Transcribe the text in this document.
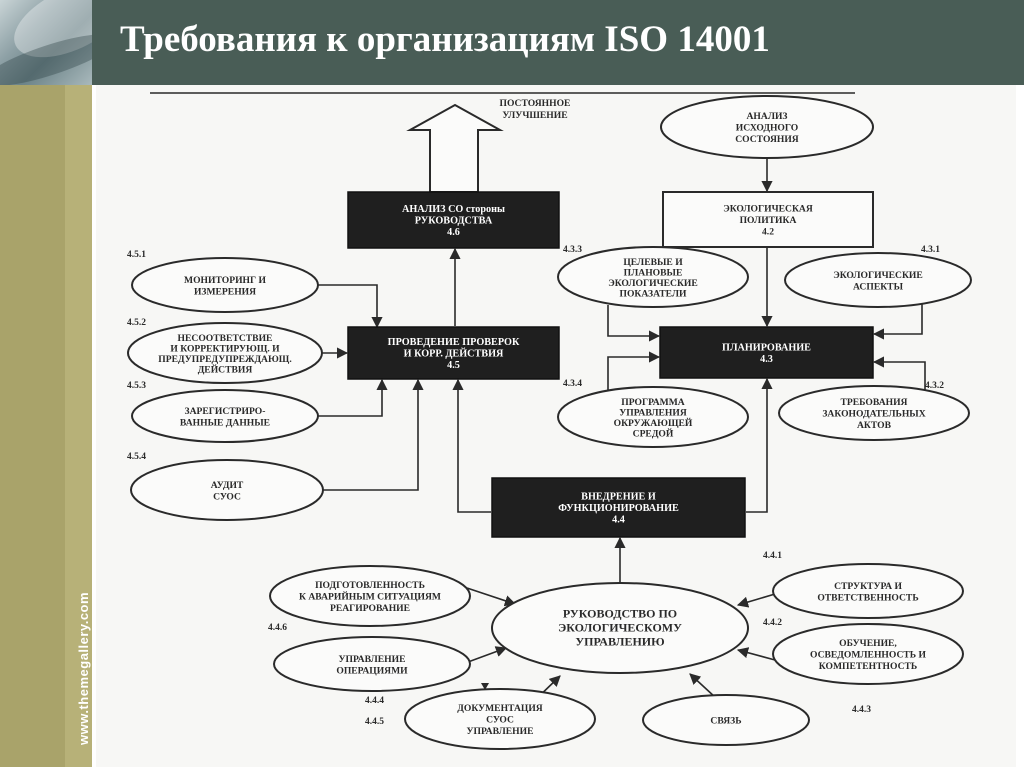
Требования к организациям ISO 14001
www.themegallery.com
АНАЛИЗ СО стороны
РУКОВОДСТВА
4.6
ПРОВЕДЕНИЕ ПРОВЕРОК
И КОРР. ДЕЙСТВИЯ
4.5
ПЛАНИРОВАНИЕ
4.3
ВНЕДРЕНИЕ И
ФУНКЦИОНИРОВАНИЕ
4.4
ЭКОЛОГИЧЕСКАЯ
ПОЛИТИКА
4.2
АНАЛИЗ
ИСХОДНОГО
СОСТОЯНИЯ
МОНИТОРИНГ И
ИЗМЕРЕНИЯ
НЕСООТВЕТСТВИЕ
И КОРРЕКТИРУЮЩ. И
ПРЕДУПРЕДУПРЕЖДАЮЩ.
ДЕЙСТВИЯ
ЗАРЕГИСТРИРО-
ВАННЫЕ ДАННЫЕ
АУДИТ
СУОС
ЦЕЛЕВЫЕ И
ПЛАНОВЫЕ
ЭКОЛОГИЧЕСКИЕ
ПОКАЗАТЕЛИ
ЭКОЛОГИЧЕСКИЕ
АСПЕКТЫ
ПРОГРАММА
УПРАВЛЕНИЯ
ОКРУЖАЮЩЕЙ
СРЕДОЙ
ТРЕБОВАНИЯ
ЗАКОНОДАТЕЛЬНЫХ
АКТОВ
ПОДГОТОВЛЕННОСТЬ
К АВАРИЙНЫМ СИТУАЦИЯМ
РЕАГИРОВАНИЕ
СТРУКТУРА И
ОТВЕТСТВЕННОСТЬ
УПРАВЛЕНИЕ
ОПЕРАЦИЯМИ
ОБУЧЕНИЕ,
ОСВЕДОМЛЕННОСТЬ И
КОМПЕТЕНТНОСТЬ
ДОКУМЕНТАЦИЯ
СУОС
УПРАВЛЕНИЕ
СВЯЗЬ
РУКОВОДСТВО ПО
ЭКОЛОГИЧЕСКОМУ
УПРАВЛЕНИЮ
4.5.1
4.5.2
4.5.3
4.5.4
4.3.3	4.3.1
4.3.4	4.3.2
4.4.1
4.4.6	4.4.2
4.4.4
4.4.5
4.4.3
ПОСТОЯННОЕ
УЛУЧШЕНИЕ
